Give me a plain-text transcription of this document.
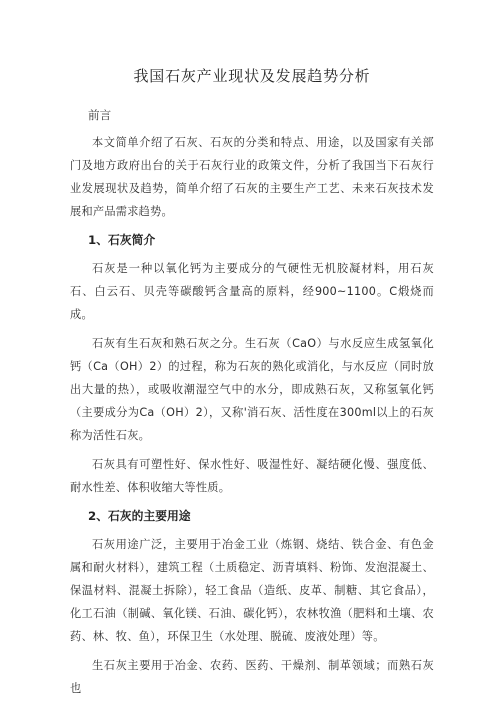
我国石灰产业现状及发展趋势分析
前言

本文简单介绍了石灰、石灰的分类和特点、用途，以及国家有关部门及地方政府出台的关于石灰行业的政策文件，分析了我国当下石灰行业发展现状及趋势，简单介绍了石灰的主要生产工艺、未来石灰技术发展和产品需求趋势。

1、石灰简介

石灰是一种以氧化钙为主要成分的气硬性无机胶凝材料，用石灰石、白云石、贝壳等碳酸钙含量高的原料，经900~1100。C煅烧而成。

石灰有生石灰和熟石灰之分。生石灰（CaO）与水反应生成氢氧化钙（Ca（OH）2）的过程，称为石灰的熟化或消化，与水反应（同时放出大量的热），或吸收潮湿空气中的水分，即成熟石灰，又称氢氧化钙（主要成分为Ca（OH）2），又称'消石灰、活性度在300ml以上的石灰称为活性石灰。

石灰具有可塑性好、保水性好、吸湿性好、凝结硬化慢、强度低、耐水性差、体积收缩大等性质。

2、石灰的主要用途

石灰用途广泛，主要用于冶金工业（炼钢、烧结、铁合金、有色金属和耐火材料），建筑工程（土质稳定、沥青填料、粉饰、发泡混凝土、保温材料、混凝土拆除），轻工食品（造纸、皮革、制糖、其它食品），化工石油（制碱、氧化镁、石油、碳化钙），农林牧渔（肥料和土壤、农药、林、牧、鱼），环保卫生（水处理、脱硫、废液处理）等。

生石灰主要用于冶金、农药、医药、干燥剂、制革领域；而熟石灰也
